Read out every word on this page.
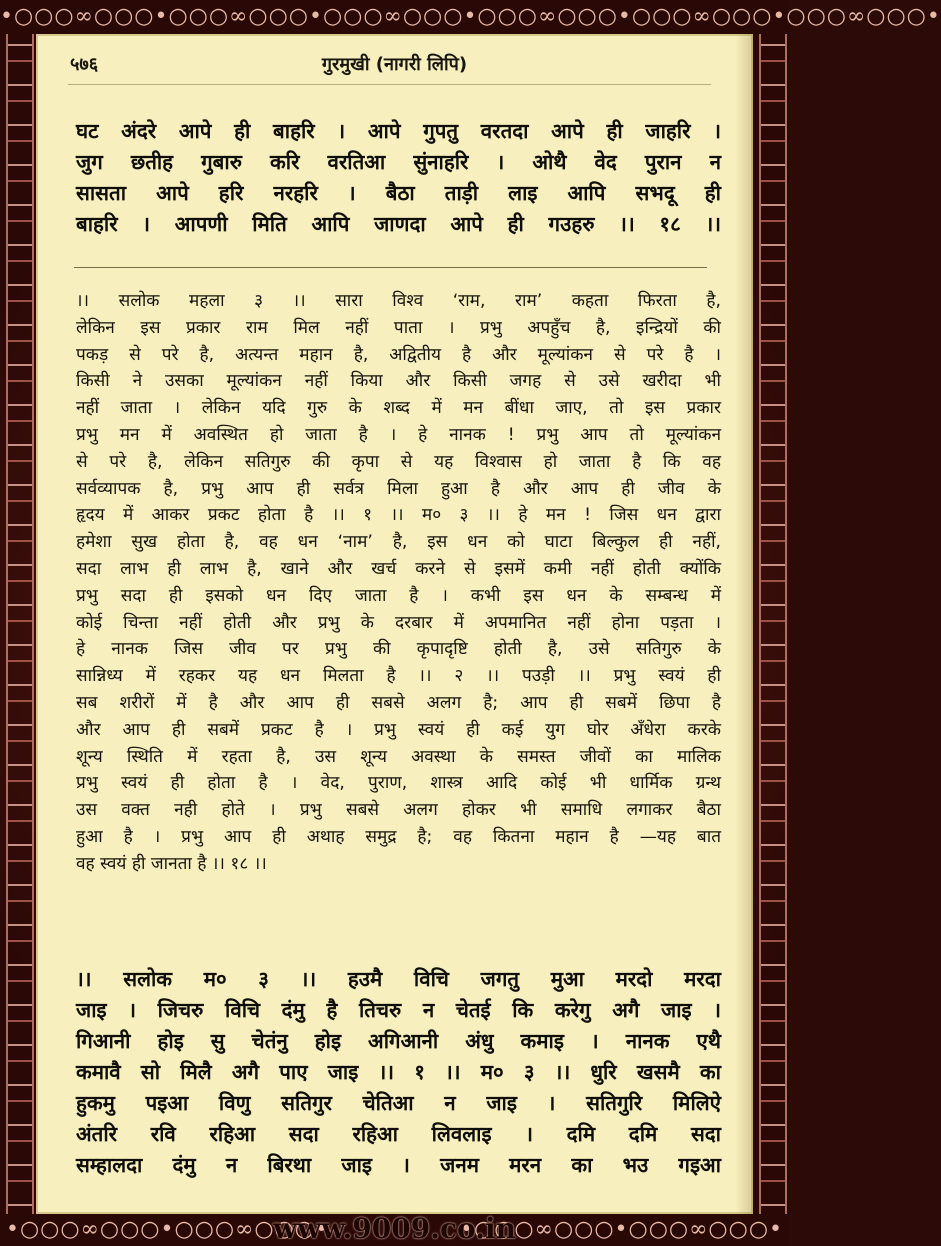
•○○○∞○○○•○○○∞○○○•○○○∞○○○•○○○∞○○○•○○○∞○○○•○○○∞○○○•
५७६	गुरमुखी (नागरी लिपि)
घट अंदरे आपे ही बाहरि । आपे गुपतु वरतदा आपे ही जाहरि ।
जुग छतीह गुबारु करि वरतिआ सुंनाहरि । ओथै वेद पुरान न
सासता आपे हरि नरहरि । बैठा ताड़ी लाइ आपि सभदू ही
बाहरि । आपणी मिति आपि जाणदा आपे ही गउहरु ।। १८ ।।
।। सलोक महला ३ ।। सारा विश्व ‘राम, राम’ कहता फिरता है,
लेकिन इस प्रकार राम मिल नहीं पाता । प्रभु अपहुँच है, इन्द्रियों की
पकड़ से परे है, अत्यन्त महान है, अद्वितीय है और मूल्यांकन से परे है ।
किसी ने उसका मूल्यांकन नहीं किया और किसी जगह से उसे खरीदा भी
नहीं जाता । लेकिन यदि गुरु के शब्द में मन बींधा जाए, तो इस प्रकार
प्रभु मन में अवस्थित हो जाता है । हे नानक ! प्रभु आप तो मूल्यांकन
से परे है, लेकिन सतिगुरु की कृपा से यह विश्वास हो जाता है कि वह
सर्वव्यापक है, प्रभु आप ही सर्वत्र मिला हुआ है और आप ही जीव के
हृदय में आकर प्रकट होता है ।। १ ।। म० ३ ।। हे मन ! जिस धन द्वारा
हमेशा सुख होता है, वह धन ‘नाम’ है, इस धन को घाटा बिल्कुल ही नहीं,
सदा लाभ ही लाभ है, खाने और खर्च करने से इसमें कमी नहीं होती क्योंकि
प्रभु सदा ही इसको धन दिए जाता है । कभी इस धन के सम्बन्ध में
कोई चिन्ता नहीं होती और प्रभु के दरबार में अपमानित नहीं होना पड़ता ।
हे नानक जिस जीव पर प्रभु की कृपादृष्टि होती है, उसे सतिगुरु के
सान्निध्य में रहकर यह धन मिलता है ।। २ ।। पउड़ी ।। प्रभु स्वयं ही
सब शरीरों में है और आप ही सबसे अलग है; आप ही सबमें छिपा है
और आप ही सबमें प्रकट है । प्रभु स्वयं ही कई युग घोर अँधेरा करके
शून्य स्थिति में रहता है, उस शून्य अवस्था के समस्त जीवों का मालिक
प्रभु स्वयं ही होता है । वेद, पुराण, शास्त्र आदि कोई भी धार्मिक ग्रन्थ
उस वक्त नही होते । प्रभु सबसे अलग होकर भी समाधि लगाकर बैठा
हुआ है । प्रभु आप ही अथाह समुद्र है; वह कितना महान है —यह बात
वह स्वयं ही जानता है ।। १८ ।।
।। सलोक म० ३ ।। हउमै विचि जगतु मुआ मरदो मरदा
जाइ । जिचरु विचि दंमु है तिचरु न चेतई कि करेगु अगै जाइ ।
गिआनी होइ सु चेतंनु होइ अगिआनी अंधु कमाइ । नानक एथै
कमावै सो मिलै अगै पाए जाइ ।। १ ।। म० ३ ।। धुरि खसमै का
हुकमु पइआ विणु सतिगुर चेतिआ न जाइ । सतिगुरि मिलिऐ
अंतरि रवि रहिआ सदा रहिआ लिवलाइ । दमि दमि सदा
सम्हालदा दंमु न बिरथा जाइ । जनम मरन का भउ गइआ
•○○○∞○○○•○○○∞○○○•	•○○○∞○○○•○○○∞○○○•
www.9009.co.in
